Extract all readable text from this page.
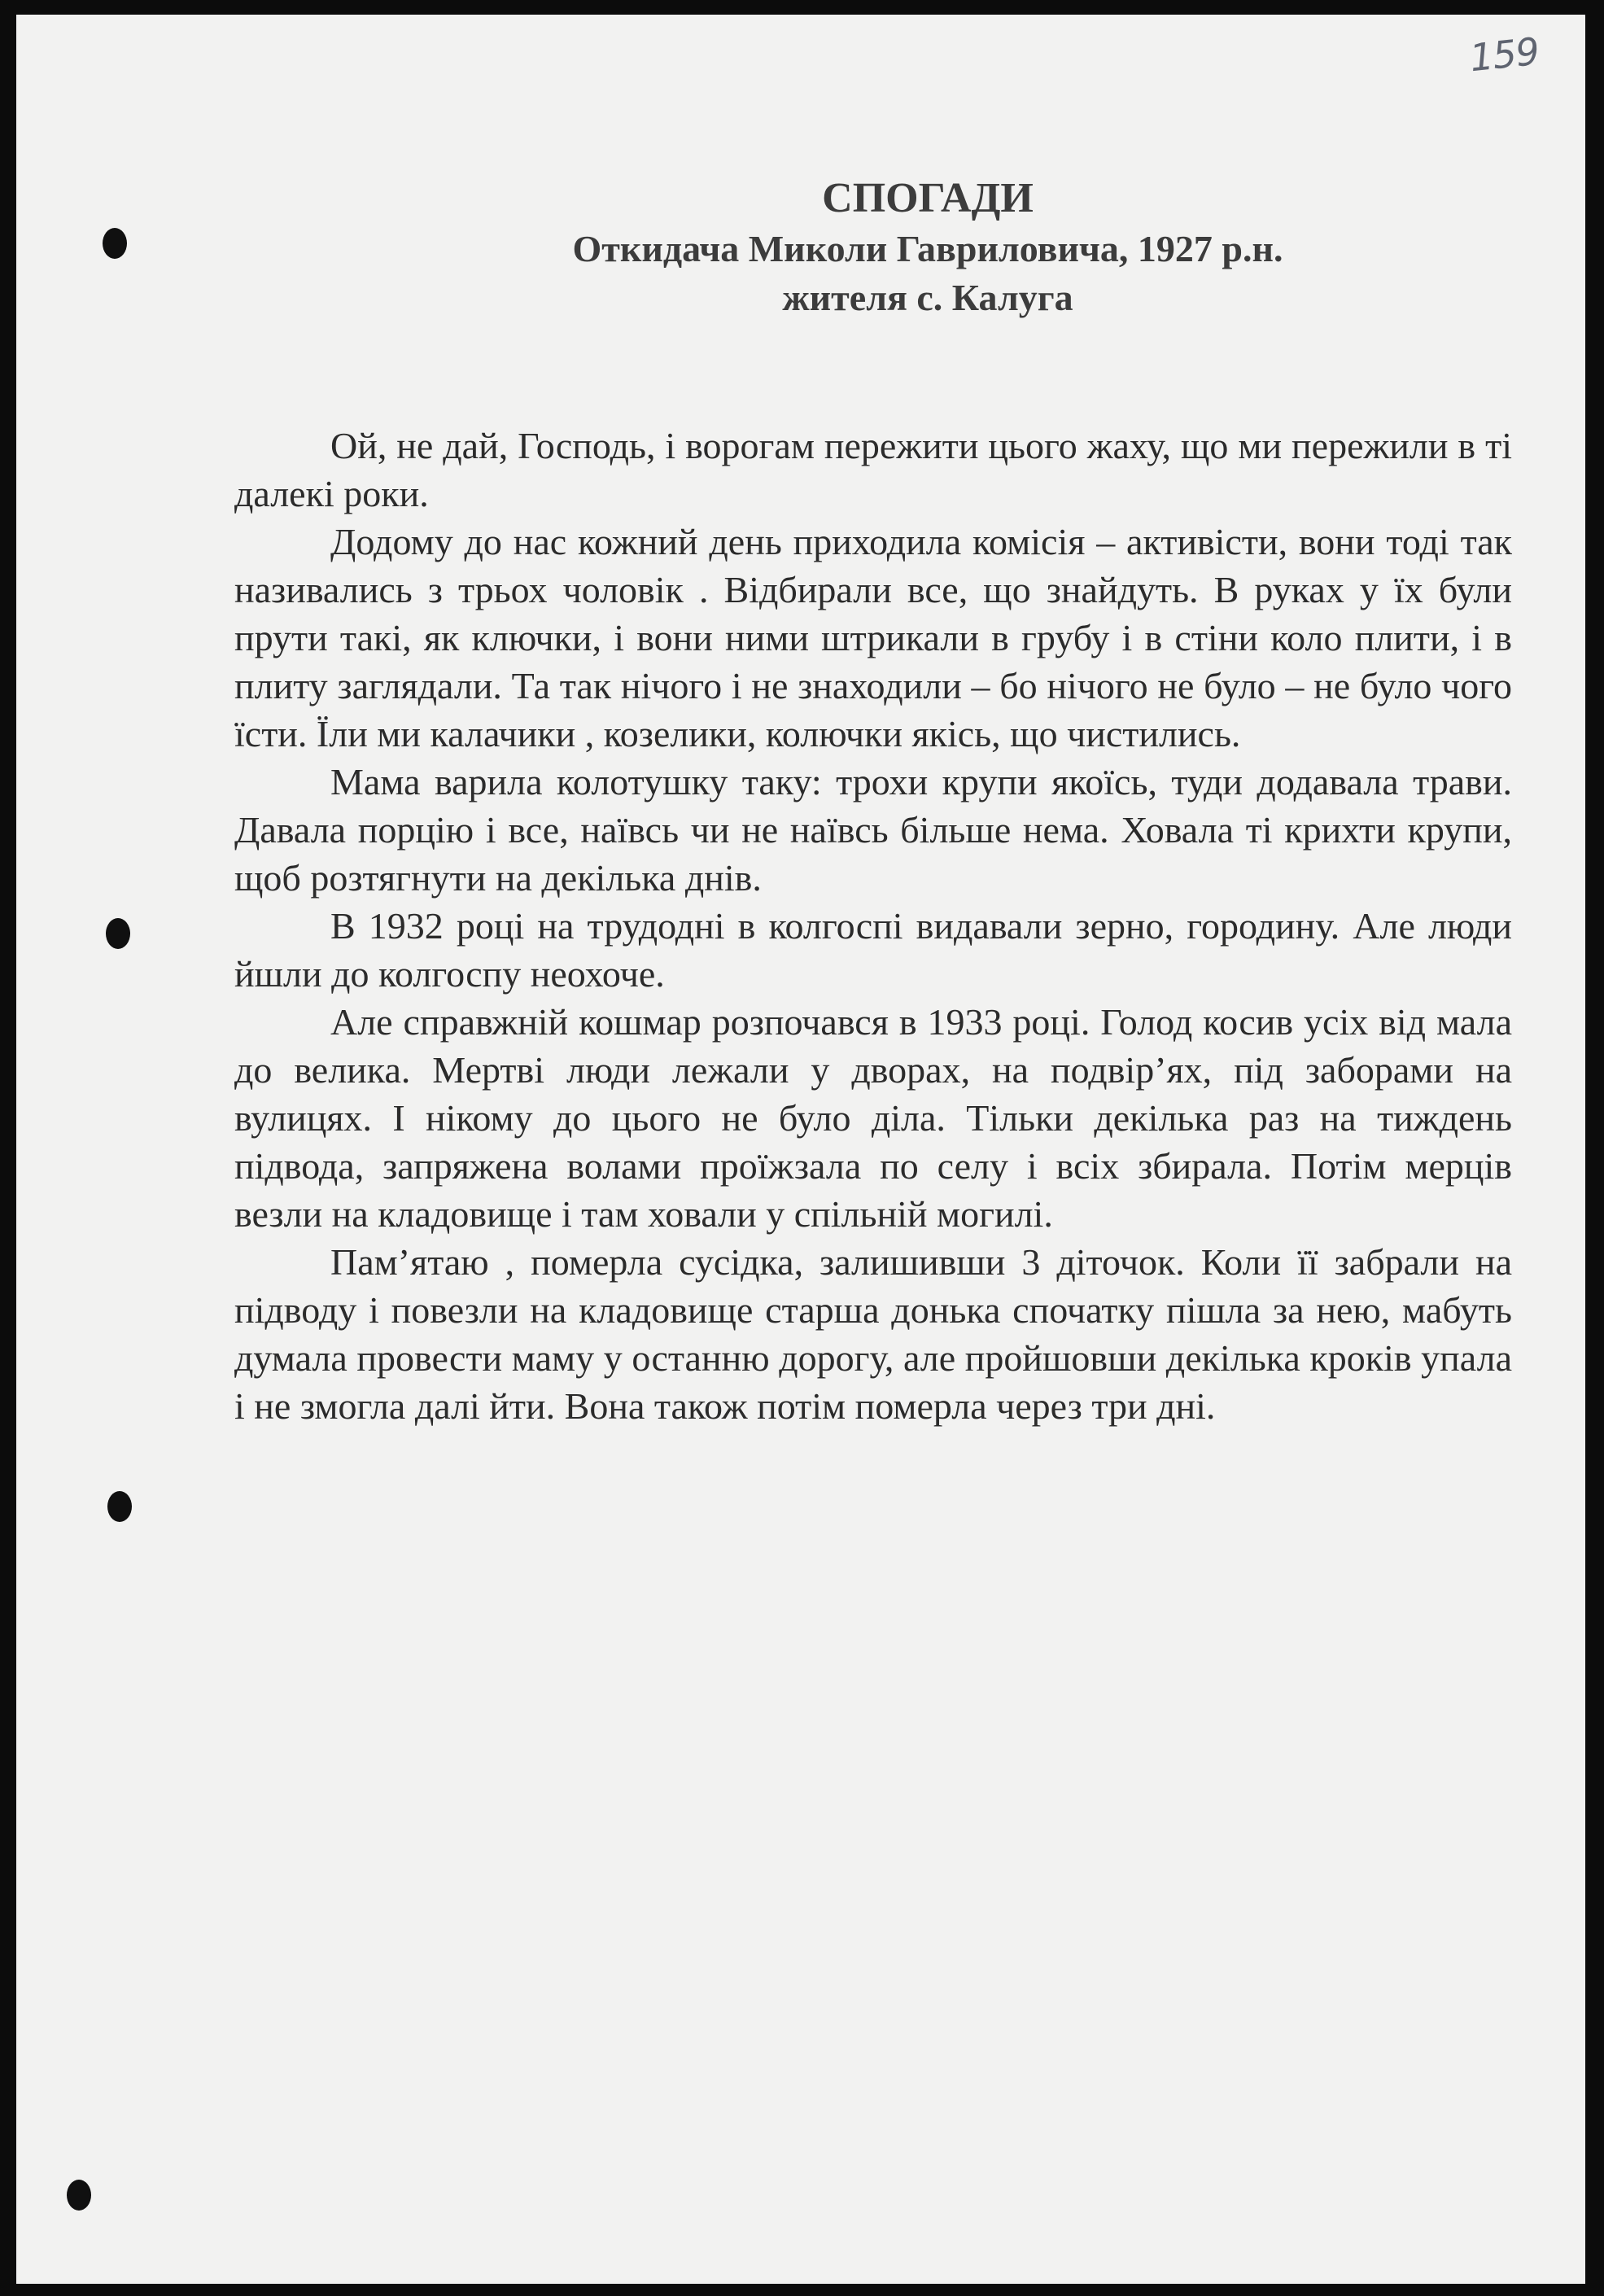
159
СПОГАДИ
Откидача Миколи Гавриловича, 1927 р.н.
жителя с. Калуга

Ой, не дай, Господь, і ворогам пережити цього жаху, що ми пережили в ті далекі роки.

Додому до нас кожний день приходила комісія – активісти, вони тоді так називались з трьох чоловік . Відбирали все, що знайдуть. В руках у їх були прути такі, як ключки, і вони ними штрикали в грубу і в стіни коло плити, і в плиту заглядали. Та так нічого і не знаходили – бо нічого не було – не було чого їсти. Їли ми калачики , козелики, колючки якісь, що чистились.

Мама варила колотушку таку: трохи крупи якоїсь, туди додавала трави. Давала порцію і все, наївсь чи не наївсь більше нема. Ховала ті крихти крупи, щоб розтягнути на декілька днів.

В 1932 році на трудодні в колгоспі видавали зерно, городину. Але люди йшли до колгоспу неохоче.

Але справжній кошмар розпочався в 1933 році. Голод косив усіх від мала до велика. Мертві люди лежали у дворах, на подвір’ях, під заборами на вулицях. І нікому до цього не було діла. Тільки декілька раз на тиждень підвода, запряжена волами проїжзала по селу і всіх збирала. Потім мерців везли на кладовище і там ховали у спільній могилі.

Пам’ятаю , померла сусідка, залишивши 3 діточок. Коли її забрали на підводу і повезли на кладовище старша донька спочатку пішла за нею, мабуть думала провести маму у останню дорогу, але пройшовши декілька кроків упала і не змогла далі йти. Вона також потім померла через три дні.
